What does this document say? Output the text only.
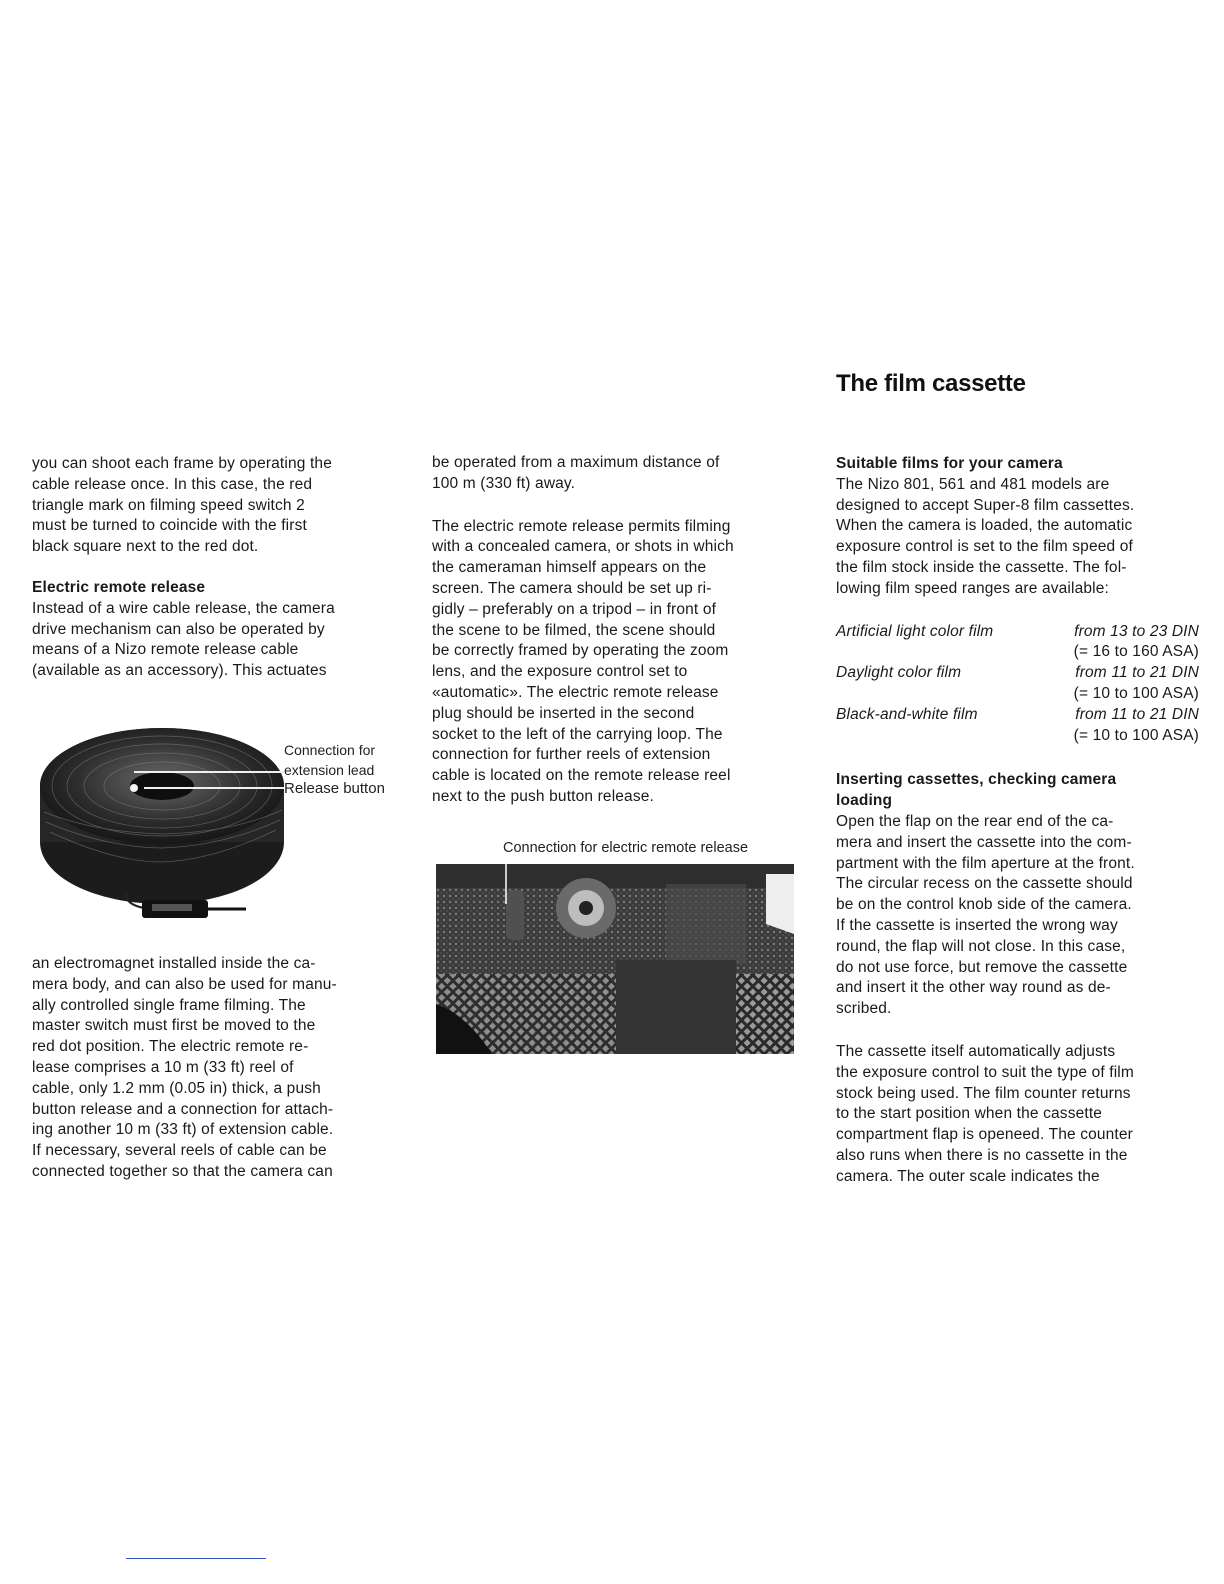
The film cassette

you can shoot each frame by operating the
cable release once. In this case, the red
triangle mark on filming speed switch 2
must be turned to coincide with the first
black square next to the red dot.

Electric remote release

Instead of a wire cable release, the camera
drive mechanism can also be operated by
means of a Nizo remote release cable
(available as an accessory). This actuates

Connection for
extension lead
Release button

an electromagnet installed inside the ca-
mera body, and can also be used for manu-
ally controlled single frame filming. The
master switch must first be moved to the
red dot position. The electric remote re-
lease comprises a 10 m (33 ft) reel of
cable, only 1.2 mm (0.05 in) thick, a push
button release and a connection for attach-
ing another 10 m (33 ft) of extension cable.
If necessary, several reels of cable can be
connected together so that the camera can

be operated from a maximum distance of
100 m (330 ft) away.

The electric remote release permits filming
with a concealed camera, or shots in which
the cameraman himself appears on the
screen. The camera should be set up ri-
gidly – preferably on a tripod – in front of
the scene to be filmed, the scene should
be correctly framed by operating the zoom
lens, and the exposure control set to
«automatic». The electric remote release
plug should be inserted in the second
socket to the left of the carrying loop. The
connection for further reels of extension
cable is located on the remote release reel
next to the push button release.

Connection for electric remote release
Suitable films for your camera

The Nizo 801, 561 and 481 models are
designed to accept Super-8 film cassettes.
When the camera is loaded, the automatic
exposure control is set to the film speed of
the film stock inside the cassette. The fol-
lowing film speed ranges are available:

Artificial light color film	from 13 to 23 DIN
	(= 16 to 160 ASA)
Daylight color film	from 11 to 21 DIN
	(= 10 to 100 ASA)
Black-and-white film	from 11 to 21 DIN
	(= 10 to 100 ASA)
Inserting cassettes, checking camera
loading

Open the flap on the rear end of the ca-
mera and insert the cassette into the com-
partment with the film aperture at the front.
The circular recess on the cassette should
be on the control knob side of the camera.
If the cassette is inserted the wrong way
round, the flap will not close. In this case,
do not use force, but remove the cassette
and insert it the other way round as de-
scribed.

The cassette itself automatically adjusts
the exposure control to suit the type of film
stock being used. The film counter returns
to the start position when the cassette
compartment flap is openeed. The counter
also runs when there is no cassette in the
camera. The outer scale indicates the
